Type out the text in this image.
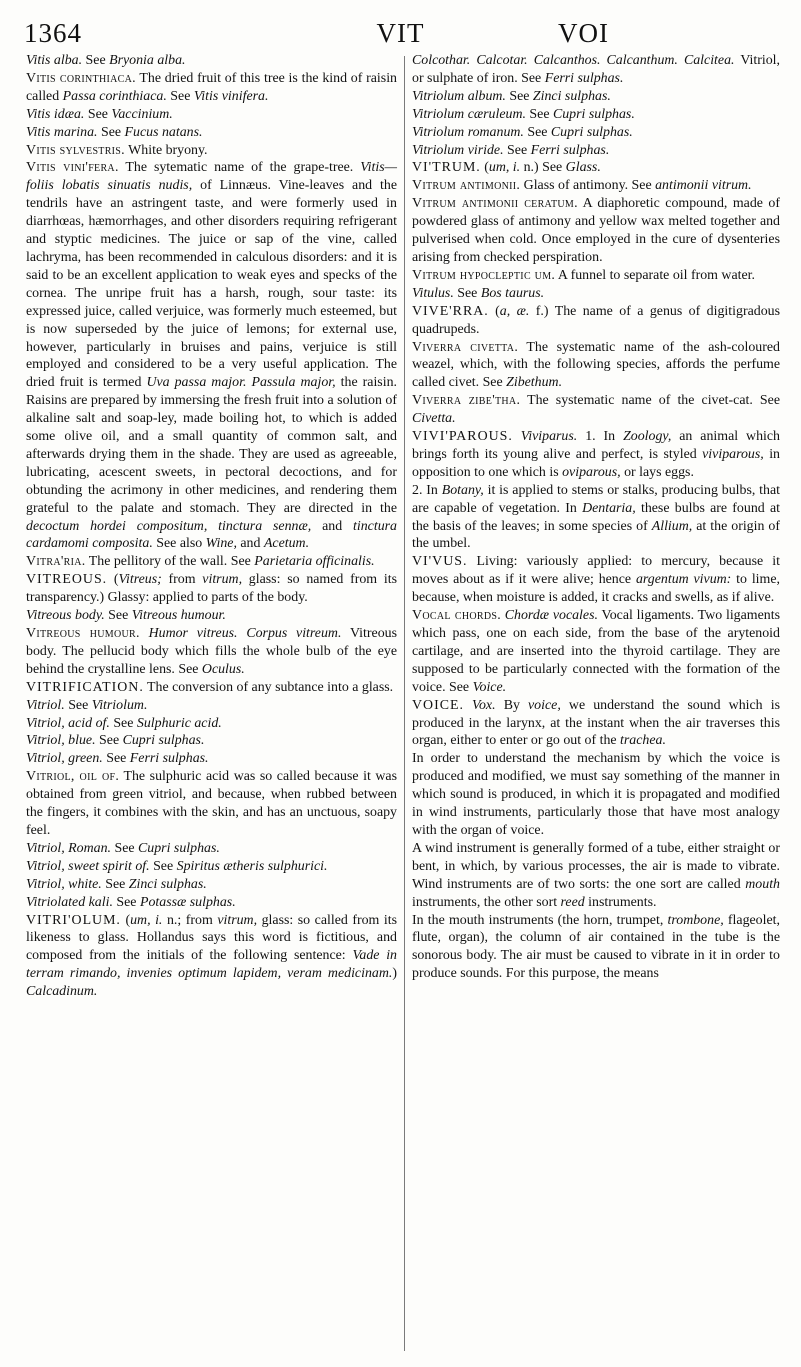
1364	VIT	VOI

Vitis alba. See Bryonia alba.

Vitis corinthiaca. The dried fruit of this tree is the kind of raisin called Passa corinthiaca. See Vitis vinifera.

Vitis idæa. See Vaccinium.

Vitis marina. See Fucus natans.

Vitis sylvestris. White bryony.

Vitis vini'fera. The sytematic name of the grape-tree. Vitis—foliis lobatis sinuatis nudis, of Linnæus. Vine-leaves and the tendrils have an astringent taste, and were formerly used in diarrhœas, hæmorrhages, and other disorders requiring refrigerant and styptic medicines. The juice or sap of the vine, called lachryma, has been recommended in calculous disorders: and it is said to be an excellent application to weak eyes and specks of the cornea. The unripe fruit has a harsh, rough, sour taste: its expressed juice, called verjuice, was formerly much esteemed, but is now superseded by the juice of lemons; for external use, however, particularly in bruises and pains, verjuice is still employed and considered to be a very useful application. The dried fruit is termed Uva passa major. Passula major, the raisin. Raisins are prepared by immersing the fresh fruit into a solution of alkaline salt and soap-ley, made boiling hot, to which is added some olive oil, and a small quantity of common salt, and afterwards drying them in the shade. They are used as agreeable, lubricating, acescent sweets, in pectoral decoctions, and for obtunding the acrimony in other medicines, and rendering them grateful to the palate and stomach. They are directed in the decoctum hordei compositum, tinctura sennæ, and tinctura cardamomi composita. See also Wine, and Acetum.

Vitra'ria. The pellitory of the wall. See Parietaria officinalis.

VITREOUS. (Vitreus; from vitrum, glass: so named from its transparency.) Glassy: applied to parts of the body.

Vitreous body. See Vitreous humour.

Vitreous humour. Humor vitreus. Corpus vitreum. Vitreous body. The pellucid body which fills the whole bulb of the eye behind the crystalline lens. See Oculus.

VITRIFICATION. The conversion of any subtance into a glass.

Vitriol. See Vitriolum.

Vitriol, acid of. See Sulphuric acid.

Vitriol, blue. See Cupri sulphas.

Vitriol, green. See Ferri sulphas.

Vitriol, oil of. The sulphuric acid was so called because it was obtained from green vitriol, and because, when rubbed between the fingers, it combines with the skin, and has an unctuous, soapy feel.

Vitriol, Roman. See Cupri sulphas.

Vitriol, sweet spirit of. See Spiritus ætheris sulphurici.

Vitriol, white. See Zinci sulphas.

Vitriolated kali. See Potassæ sulphas.

VITRI'OLUM. (um, i. n.; from vitrum, glass: so called from its likeness to glass. Hollandus says this word is fictitious, and composed from the initials of the following sentence: Vade in terram rimando, invenies optimum lapidem, veram medicinam.) Calcadinum.

Colcothar. Calcotar. Calcanthos. Calcanthum. Calcitea. Vitriol, or sulphate of iron. See Ferri sulphas.

Vitriolum album. See Zinci sulphas.

Vitriolum cæruleum. See Cupri sulphas.

Vitriolum romanum. See Cupri sulphas.

Vitriolum viride. See Ferri sulphas.

VI'TRUM. (um, i. n.) See Glass.

Vitrum antimonii. Glass of antimony. See antimonii vitrum.

Vitrum antimonii ceratum. A diaphoretic compound, made of powdered glass of antimony and yellow wax melted together and pulverised when cold. Once employed in the cure of dysenteries arising from checked perspiration.

Vitrum hypocleptic um. A funnel to separate oil from water.

Vitulus. See Bos taurus.

VIVE'RRA. (a, æ. f.) The name of a genus of digitigradous quadrupeds.

Viverra civetta. The systematic name of the ash-coloured weazel, which, with the following species, affords the perfume called civet. See Zibethum.

Viverra zibe'tha. The systematic name of the civet-cat. See Civetta.

VIVI'PAROUS. Viviparus. 1. In Zoology, an animal which brings forth its young alive and perfect, is styled viviparous, in opposition to one which is oviparous, or lays eggs.

2. In Botany, it is applied to stems or stalks, producing bulbs, that are capable of vegetation. In Dentaria, these bulbs are found at the basis of the leaves; in some species of Allium, at the origin of the umbel.

VI'VUS. Living: variously applied: to mercury, because it moves about as if it were alive; hence argentum vivum: to lime, because, when moisture is added, it cracks and swells, as if alive.

Vocal chords. Chordæ vocales. Vocal ligaments. Two ligaments which pass, one on each side, from the base of the arytenoid cartilage, and are inserted into the thyroid cartilage. They are supposed to be particularly connected with the formation of the voice. See Voice.

VOICE. Vox. By voice, we understand the sound which is produced in the larynx, at the instant when the air traverses this organ, either to enter or go out of the trachea.

In order to understand the mechanism by which the voice is produced and modified, we must say something of the manner in which sound is produced, in which it is propagated and modified in wind instruments, particularly those that have most analogy with the organ of voice.

A wind instrument is generally formed of a tube, either straight or bent, in which, by various processes, the air is made to vibrate. Wind instruments are of two sorts: the one sort are called mouth instruments, the other sort reed instruments.

In the mouth instruments (the horn, trumpet, trombone, flageolet, flute, organ), the column of air contained in the tube is the sonorous body. The air must be caused to vibrate in it in order to produce sounds. For this purpose, the means
